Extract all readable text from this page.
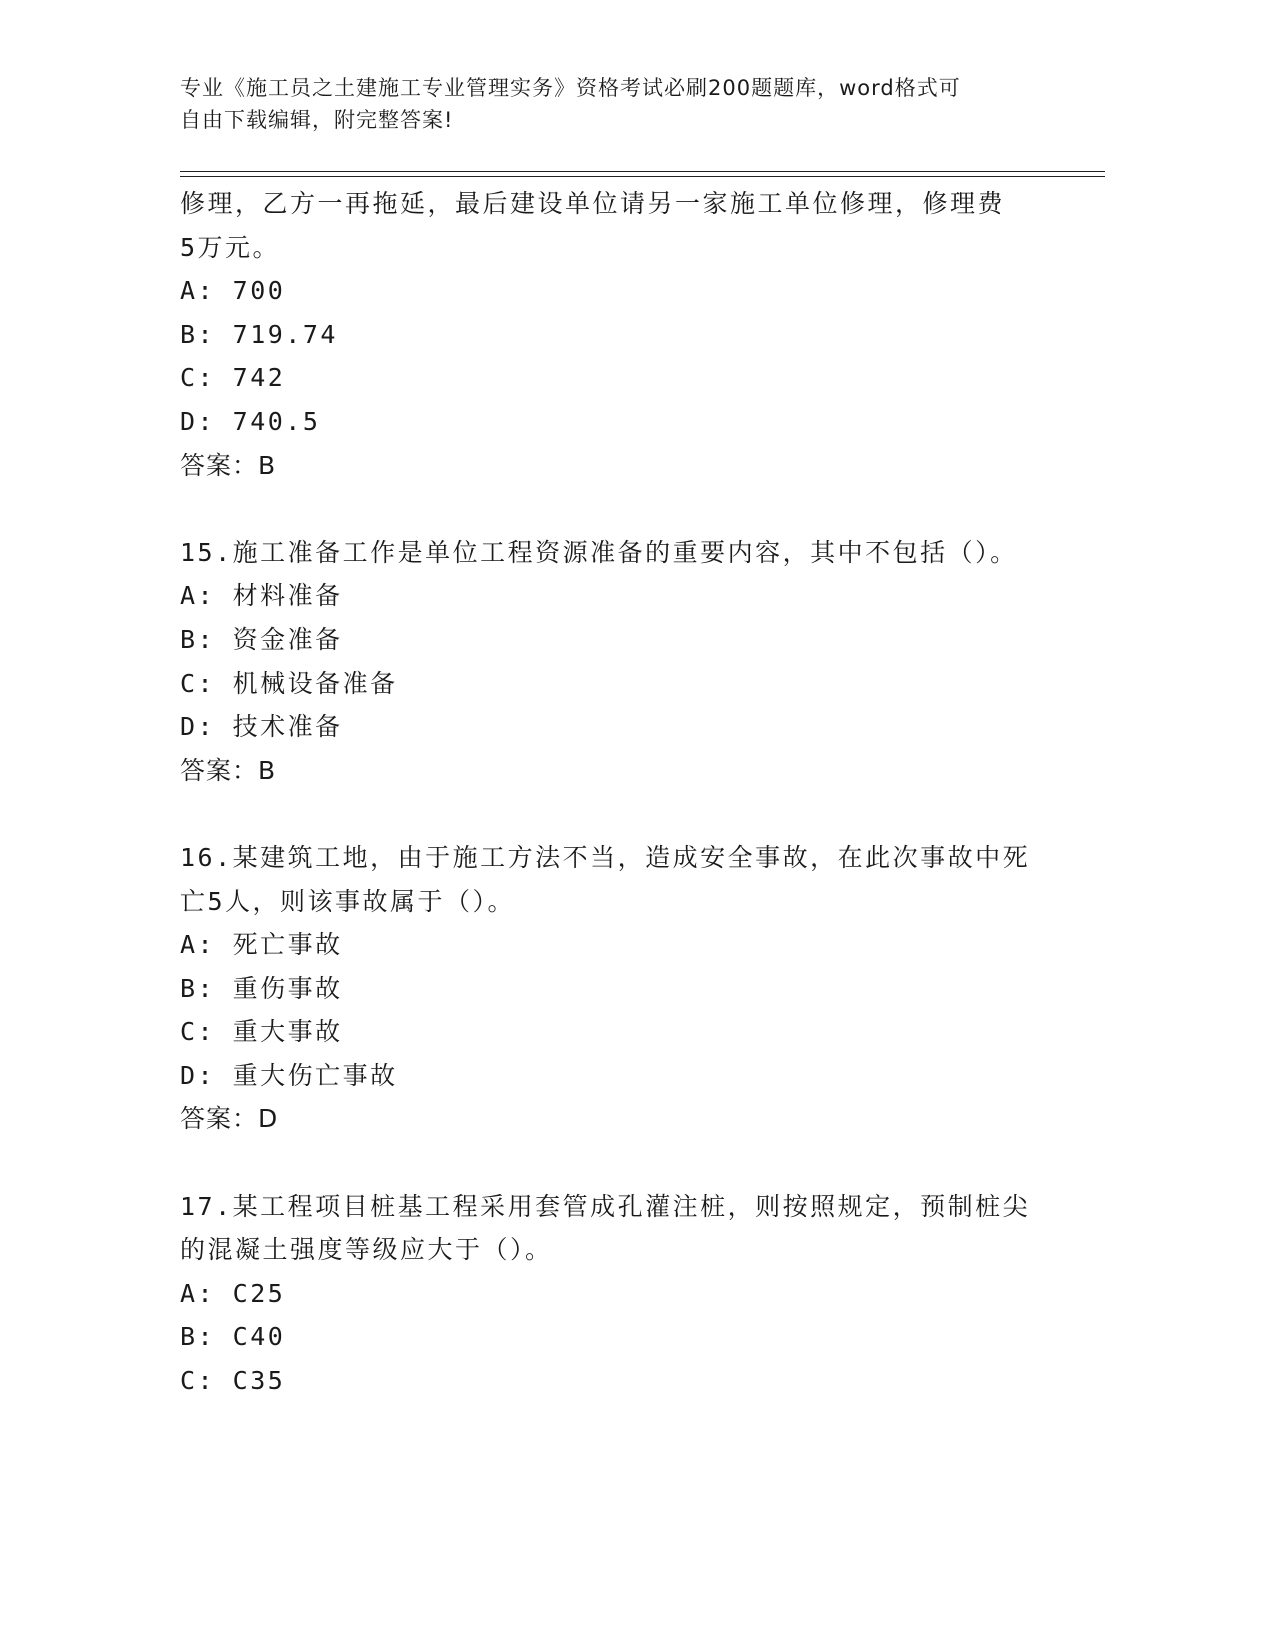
专业《施工员之土建施工专业管理实务》资格考试必刷200题题库，word格式可
自由下载编辑，附完整答案!
修理，乙方一再拖延，最后建设单位请另一家施工单位修理，修理费
5万元。
A: 700
B: 719.74
C: 742
D: 740.5
答案：B
15.施工准备工作是单位工程资源准备的重要内容，其中不包括（）。
A: 材料准备
B: 资金准备
C: 机械设备准备
D: 技术准备
答案：B
16.某建筑工地，由于施工方法不当，造成安全事故，在此次事故中死
亡5人，则该事故属于（）。
A: 死亡事故
B: 重伤事故
C: 重大事故
D: 重大伤亡事故
答案：D
17.某工程项目桩基工程采用套管成孔灌注桩，则按照规定，预制桩尖
的混凝土强度等级应大于（）。
A: C25
B: C40
C: C35
